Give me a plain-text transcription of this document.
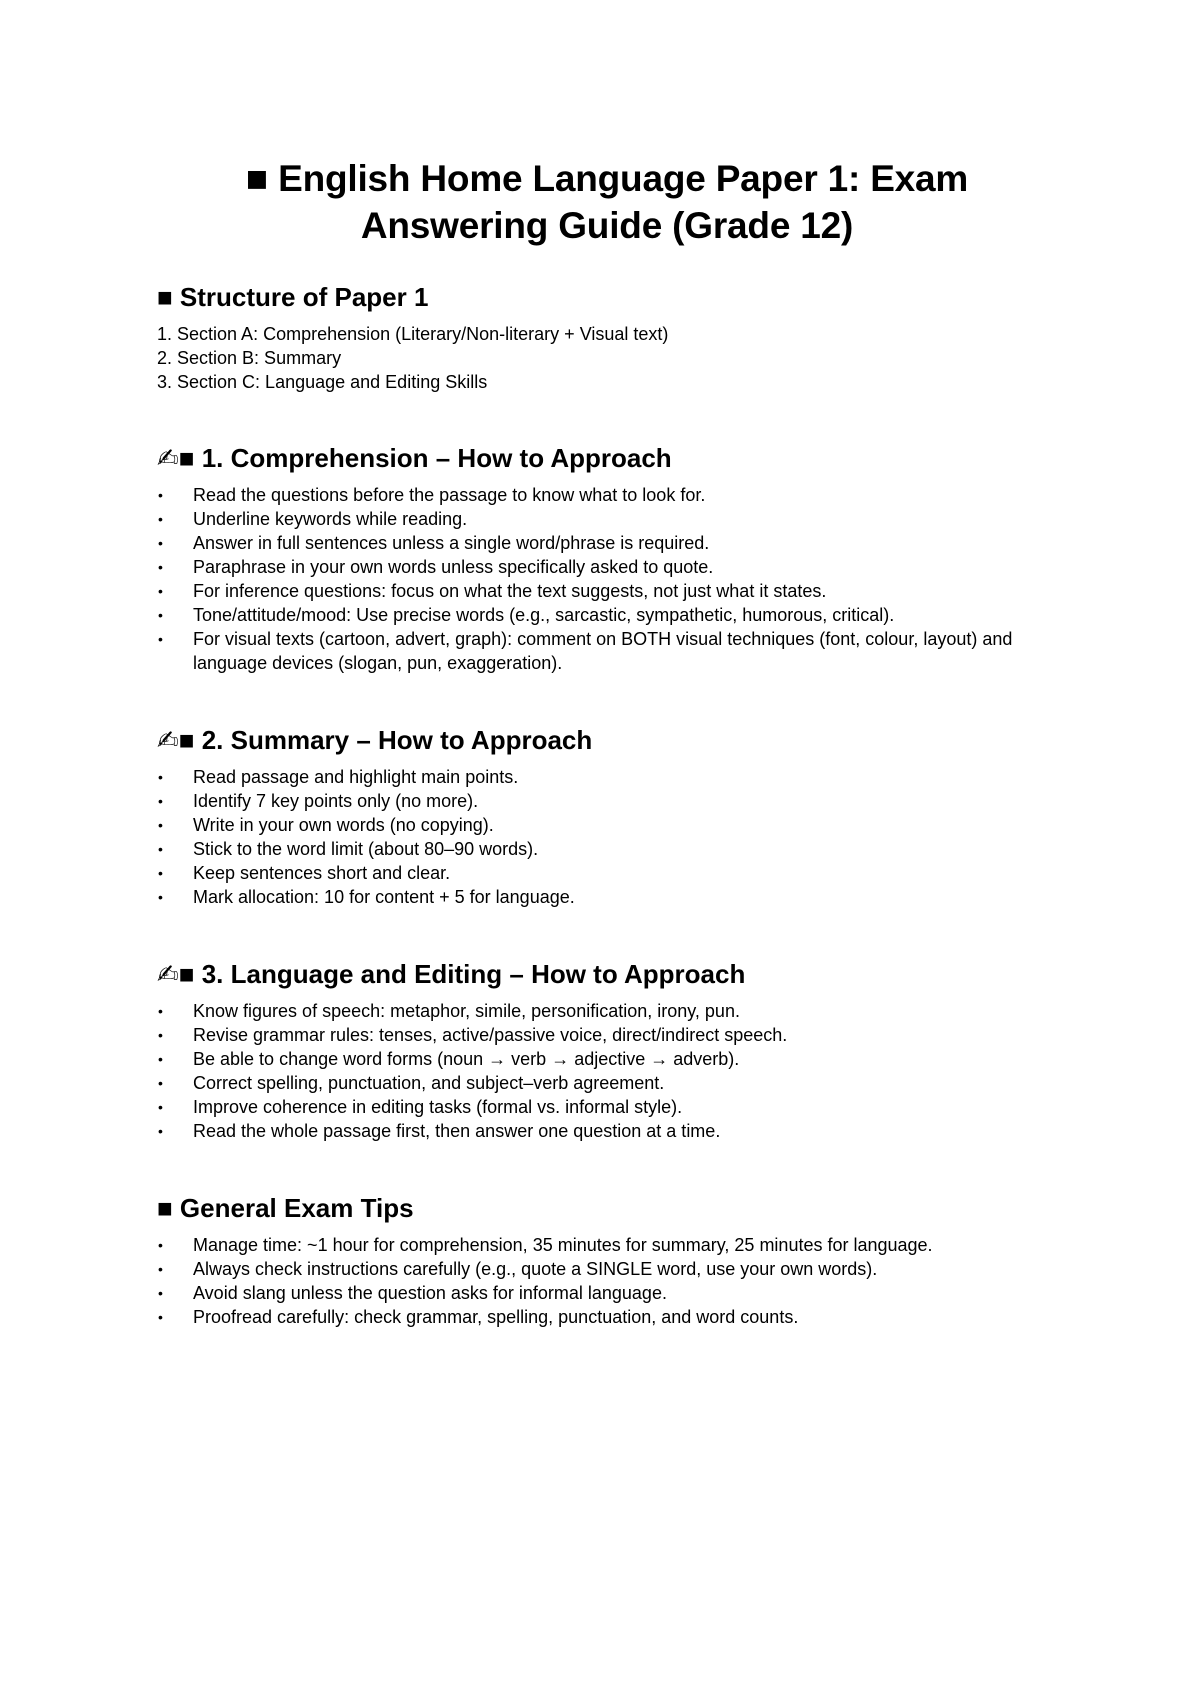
■ English Home Language Paper 1: Exam
Answering Guide (Grade 12)
■ Structure of Paper 1
1. Section A: Comprehension (Literary/Non-literary + Visual text)
2. Section B: Summary
3. Section C: Language and Editing Skills
✍■ 1. Comprehension – How to Approach
• Read the questions before the passage to know what to look for.
• Underline keywords while reading.
• Answer in full sentences unless a single word/phrase is required.
• Paraphrase in your own words unless specifically asked to quote.
• For inference questions: focus on what the text suggests, not just what it states.
• Tone/attitude/mood: Use precise words (e.g., sarcastic, sympathetic, humorous, critical).
• For visual texts (cartoon, advert, graph): comment on BOTH visual techniques (font, colour, layout) and language devices (slogan, pun, exaggeration).
✍■ 2. Summary – How to Approach
• Read passage and highlight main points.
• Identify 7 key points only (no more).
• Write in your own words (no copying).
• Stick to the word limit (about 80–90 words).
• Keep sentences short and clear.
• Mark allocation: 10 for content + 5 for language.
✍■ 3. Language and Editing – How to Approach
• Know figures of speech: metaphor, simile, personification, irony, pun.
• Revise grammar rules: tenses, active/passive voice, direct/indirect speech.
• Be able to change word forms (noun → verb → adjective → adverb).
• Correct spelling, punctuation, and subject–verb agreement.
• Improve coherence in editing tasks (formal vs. informal style).
• Read the whole passage first, then answer one question at a time.
■ General Exam Tips
• Manage time: ~1 hour for comprehension, 35 minutes for summary, 25 minutes for language.
• Always check instructions carefully (e.g., quote a SINGLE word, use your own words).
• Avoid slang unless the question asks for informal language.
• Proofread carefully: check grammar, spelling, punctuation, and word counts.
